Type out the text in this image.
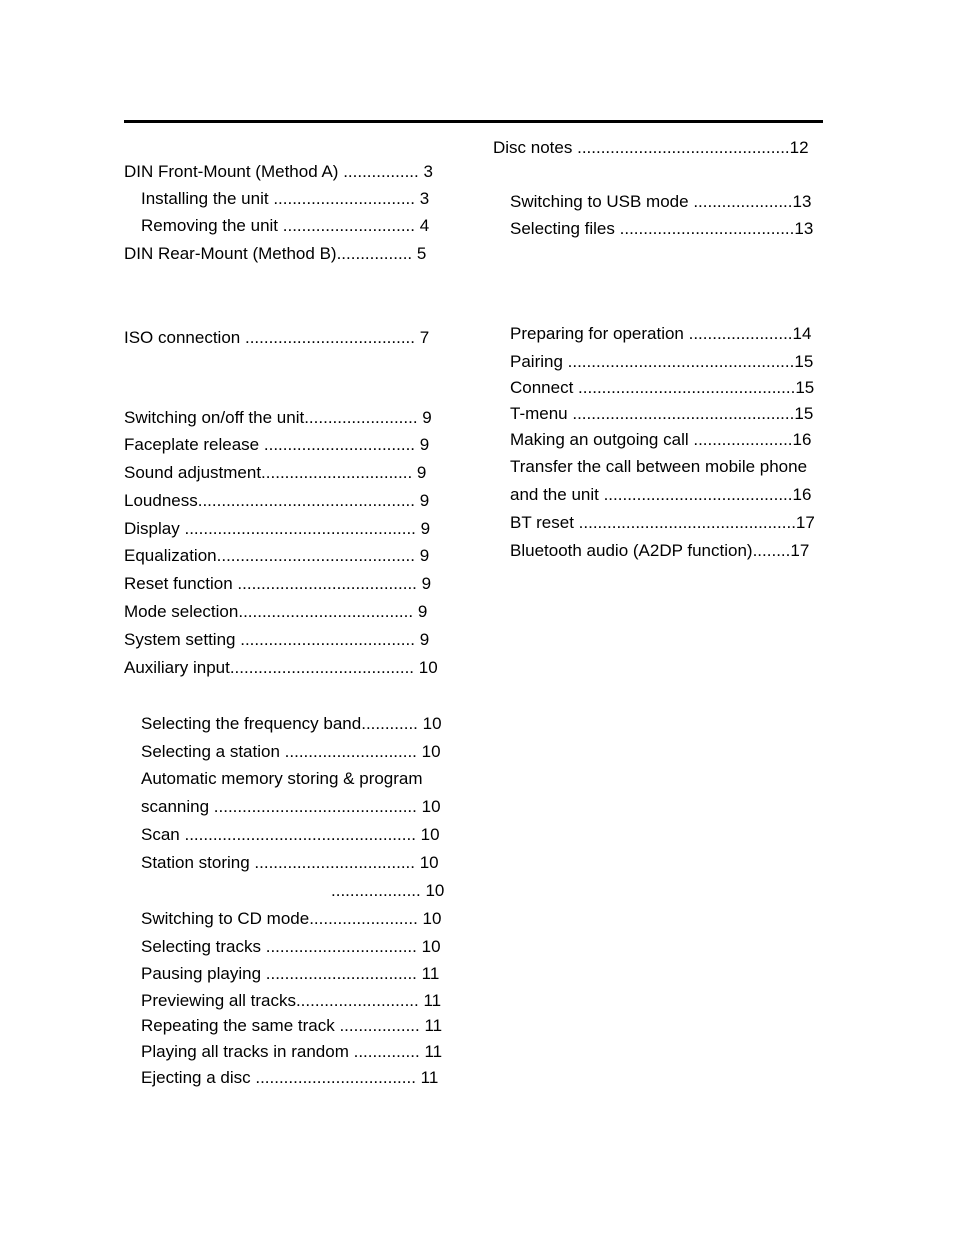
DIN Front-Mount (Method A) ................ 3
Installing the unit .............................. 3
Removing the unit ............................ 4
DIN Rear-Mount (Method B)................ 5
ISO connection .................................... 7
Switching on/off the unit........................ 9
Faceplate release ................................ 9
Sound adjustment................................ 9
Loudness.............................................. 9
Display ................................................. 9
Equalization.......................................... 9
Reset function ...................................... 9
Mode selection..................................... 9
System setting ..................................... 9
Auxiliary input....................................... 10
Selecting the frequency band............ 10
Selecting a station ............................ 10
Automatic memory storing & program
scanning ........................................... 10
Scan ................................................. 10
Station storing .................................. 10
................... 10
Switching to CD mode....................... 10
Selecting tracks ................................ 10
Pausing playing ................................ 11
Previewing all tracks.......................... 11
Repeating the same track ................. 11
Playing all tracks in random .............. 11
Ejecting a disc .................................. 11
Disc notes .............................................12
Switching to USB mode .....................13
Selecting files .....................................13
Preparing for operation ......................14
Pairing ................................................15
Connect ..............................................15
T-menu ...............................................15
Making an outgoing call .....................16
Transfer the call between mobile phone
and the unit ........................................16
BT reset ..............................................17
Bluetooth audio (A2DP function)........17
